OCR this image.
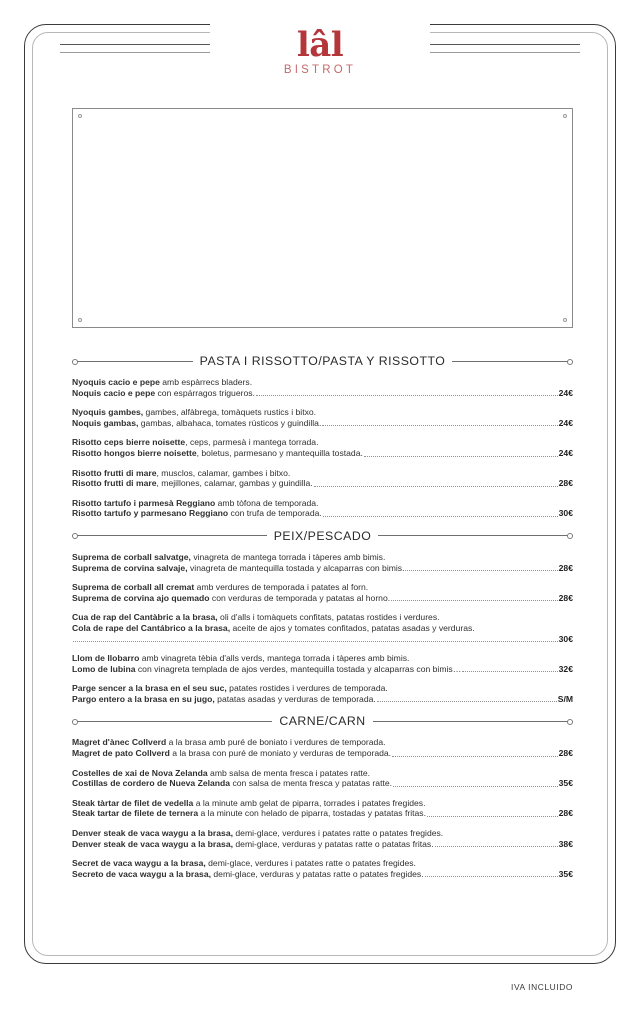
lâl
BISTROT
PASTA I RISSOTTO/PASTA Y RISSOTTO
Nyoquis cacio e pepe amb espàrrecs bladers.
Noquis cacio e pepe con espárragos trigueros.	24€
Nyoquis gambes, gambes, alfàbrega, tomàquets rustics i bitxo.
Noquis gambas, gambas, albahaca, tomates rústicos y guindilla.	24€
Risotto ceps bierre noisette, ceps, parmesà i mantega torrada.
Risotto hongos bierre noisette, boletus, parmesano y mantequilla tostada.	24€
Risotto frutti di mare, musclos, calamar, gambes i bitxo.
Risotto frutti di mare, mejillones, calamar, gambas y guindilla.	28€
Risotto tartufo i parmesà Reggiano amb tòfona de temporada.
Risotto tartufo y parmesano Reggiano con trufa de temporada.	30€
PEIX/PESCADO
Suprema de corball salvatge, vinagreta de mantega torrada i tàperes amb bimis.
Suprema de corvina salvaje, vinagreta de mantequilla tostada y alcaparras con bimis.	28€
Suprema de corball all cremat amb verdures de temporada i patates al forn.
Suprema de corvina ajo quemado con verduras de temporada y patatas al horno.	28€
Cua de rap del Cantàbric a la brasa, oli d'alls i tomàquets confitats, patatas rostides i verdures.
Cola de rape del Cantábrico a la brasa, aceite de ajos y tomates confitados, patatas asadas y verduras.
30€
Llom de llobarro amb vinagreta tèbia d'alls verds, mantega torrada i tàperes amb bimis.
Lomo de lubina con vinagreta templada de ajos verdes, mantequilla tostada y alcaparras con bimis…	32€
Parge sencer a la brasa en el seu suc, patates rostides i verdures de temporada.
Pargo entero a la brasa en su jugo, patatas asadas y verduras de temporada.	S/M
CARNE/CARN
Magret d'ànec Collverd a la brasa amb puré de boniato i verdures de temporada.
Magret de pato Collverd a la brasa con puré de moniato y verduras de temporada.	28€
Costelles de xai de Nova Zelanda amb salsa de menta fresca i patates ratte.
Costillas de cordero de Nueva Zelanda con salsa de menta fresca y patatas ratte.	35€
Steak tàrtar de filet de vedella a la minute amb gelat de piparra, torrades i patates fregides.
Steak tartar de filete de ternera a la minute con helado de piparra, tostadas y patatas fritas.	28€
Denver steak de vaca waygu a la brasa, demi-glace, verdures i patates ratte o patates fregides.
Denver steak de vaca waygu a la brasa, demi-glace, verduras y patatas ratte o patatas fritas.	38€
Secret de vaca waygu a la brasa, demi-glace, verdures i patates ratte o patates fregides.
Secreto de vaca waygu a la brasa, demi-glace, verduras y patatas ratte o patates fregides.	35€
IVA INCLUIDO
